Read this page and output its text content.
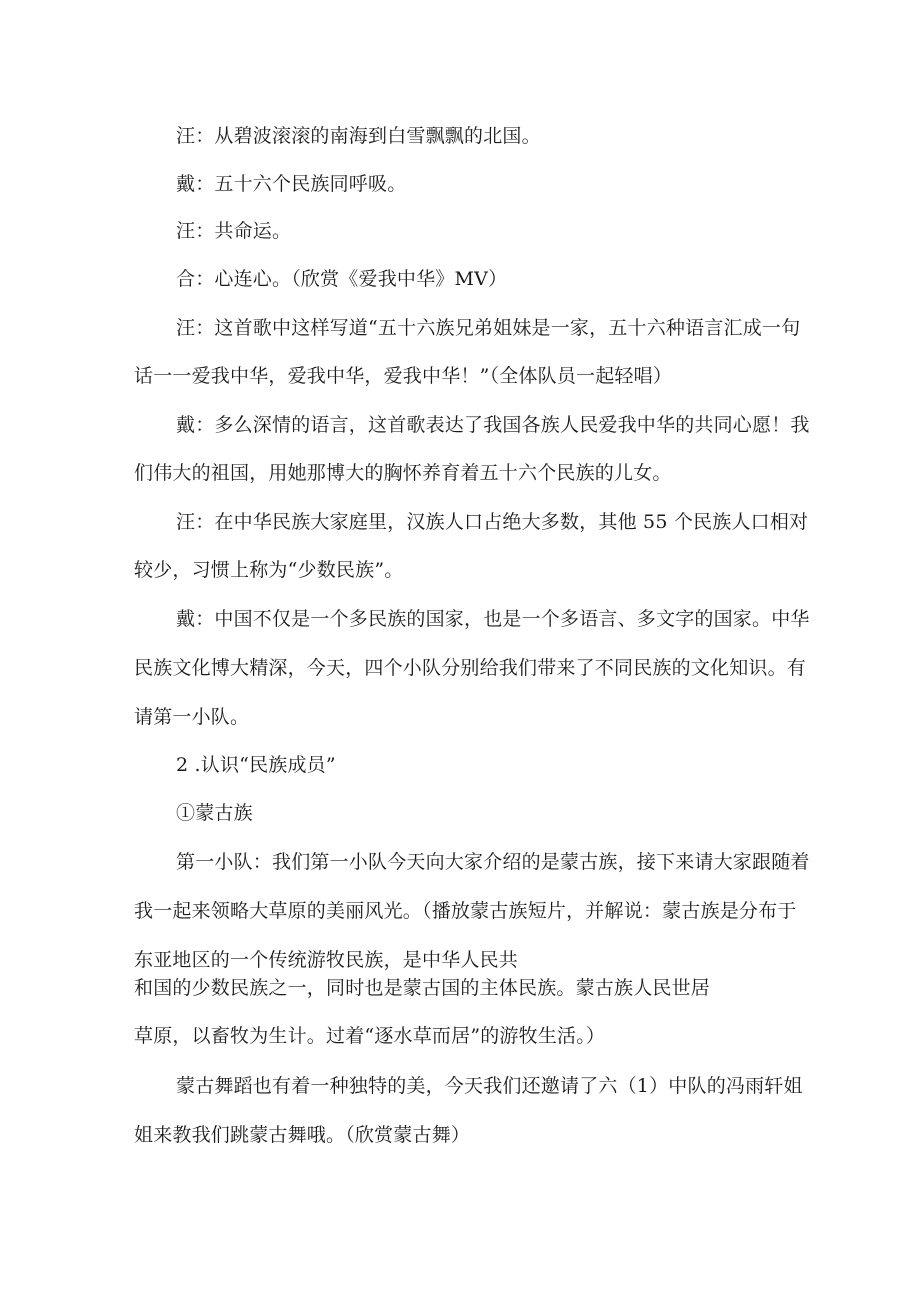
汪：从碧波滚滚的南海到白雪飘飘的北国。
戴：五十六个民族同呼吸。
汪：共命运。
合：心连心。（欣赏《爱我中华》MV）
汪：这首歌中这样写道“五十六族兄弟姐妹是一家，五十六种语言汇成一句
话一一爱我中华，爱我中华，爱我中华！”（全体队员一起轻唱）
戴：多么深情的语言，这首歌表达了我国各族人民爱我中华的共同心愿！我
们伟大的祖国，用她那博大的胸怀养育着五十六个民族的儿女。
汪：在中华民族大家庭里，汉族人口占绝大多数，其他 55 个民族人口相对
较少，习惯上称为“少数民族”。
戴：中国不仅是一个多民族的国家，也是一个多语言、多文字的国家。中华
民族文化博大精深，今天，四个小队分别给我们带来了不同民族的文化知识。有
请第一小队。
2 .认识“民族成员”
①蒙古族
第一小队：我们第一小队今天向大家介绍的是蒙古族，接下来请大家跟随着
我一起来领略大草原的美丽风光。（播放蒙古族短片，并解说：蒙古族是分布于
东亚地区的一个传统游牧民族，是中华人民共
和国的少数民族之一，同时也是蒙古国的主体民族。蒙古族人民世居
草原，以畜牧为生计。过着“逐水草而居”的游牧生活。）
蒙古舞蹈也有着一种独特的美，今天我们还邀请了六（1）中队的冯雨轩姐
姐来教我们跳蒙古舞哦。（欣赏蒙古舞）
